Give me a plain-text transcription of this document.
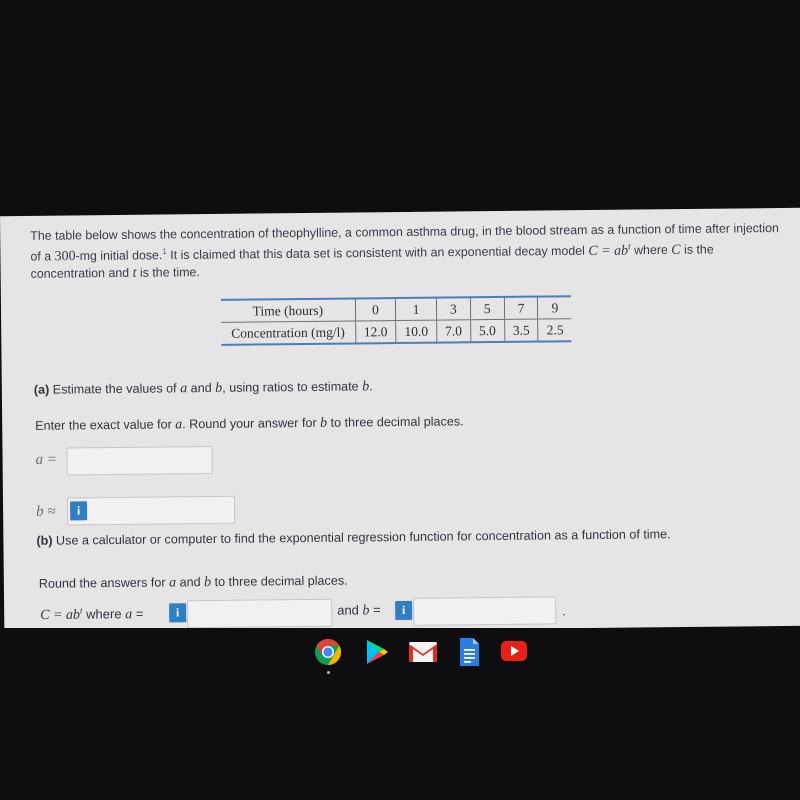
The table below shows the concentration of theophylline, a common asthma drug, in the blood stream as a function of time after injection of a 300-mg initial dose.$^1$ It is claimed that this data set is consistent with an exponential decay model $C = ab^t$ where C is the concentration and t is the time.

Time (hours)	0	1	3	5	7	9
Concentration (mg/l)	12.0	10.0	7.0	5.0	3.5	2.5
(a) Estimate the values of a and b, using ratios to estimate b.
Enter the exact value for a. Round your answer for b to three decimal places.
a =
b ≈	i
(b) Use a calculator or computer to find the exponential regression function for concentration as a function of time.
Round the answers for a and b to three decimal places.
$C = ab^t$ where a =	i	and b =	i	.
